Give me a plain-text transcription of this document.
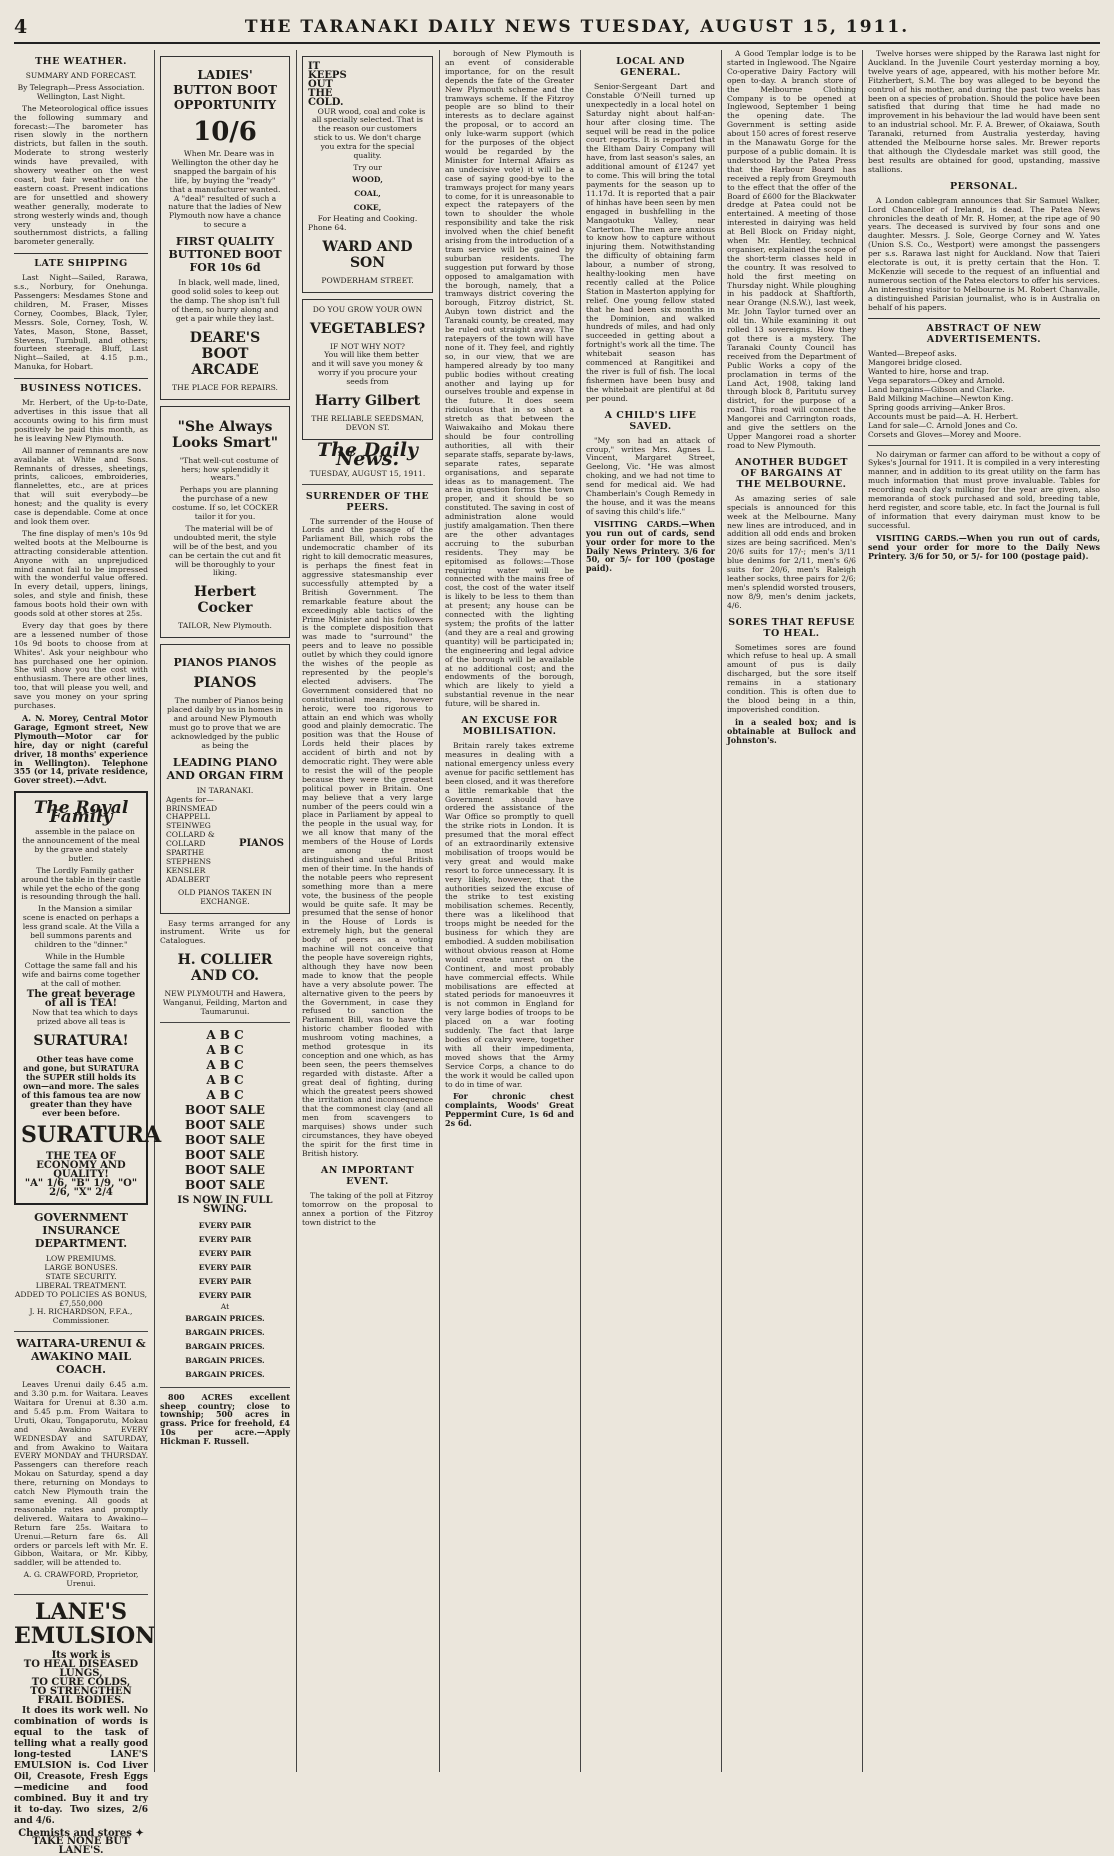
4	THE TARANAKI DAILY NEWS TUESDAY, AUGUST 15, 1911.
THE WEATHER.
SUMMARY AND FORECAST.
By Telegraph—Press Association. Wellington, Last Night.

The Meteorological office issues the following summary and forecast:—The barometer has risen slowly in the northern districts, but fallen in the south. Moderate to strong westerly winds have prevailed, with showery weather on the west coast, but fair weather on the eastern coast. Present indications are for unsettled and showery weather generally, moderate to strong westerly winds and, though very unsteady in the southernmost districts, a falling barometer generally.

LATE SHIPPING

Last Night—Sailed, Rarawa, s.s., Norbury, for Onehunga. Passengers: Mesdames Stone and children, M. Fraser, Misses Corney, Coombes, Black, Tyler, Messrs. Sole, Corney, Tosh, W. Yates, Mason, Stone, Basset, Stevens, Turnbull, and others; fourteen steerage. Bluff, Last Night—Sailed, at 4.15 p.m., Manuka, for Hobart.

BUSINESS NOTICES.

Mr. Herbert, of the Up-to-Date, advertises in this issue that all accounts owing to his firm must positively be paid this month, as he is leaving New Plymouth.

All manner of remnants are now available at White and Sons. Remnants of dresses, sheetings, prints, calicoes, embroideries, flannelettes, etc., are at prices that will suit everybody—be honest; and the quality is every case is dependable. Come at once and look them over.

The fine display of men's 10s 9d welted boots at the Melbourne is attracting considerable attention. Anyone with an unprejudiced mind cannot fail to be impressed with the wonderful value offered. In every detail, uppers, linings, soles, and style and finish, these famous boots hold their own with goods sold at other stores at 25s.

Every day that goes by there are a lessened number of those 10s 9d boots to choose from at Whites'. Ask your neighbour who has purchased one her opinion. She will show you the cost with enthusiasm. There are other lines, too, that will please you well, and save you money on your spring purchases.

A. N. Morey, Central Motor Garage, Egmont street, New Plymouth—Motor car for hire, day or night (careful driver, 18 months' experience in Wellington). Telephone 355 (or 14, private residence, Gover street).—Advt.

The Royal Family

assemble in the palace on the announcement of the meal by the grave and stately butler.

The Lordly Family gather around the table in their castle while yet the echo of the gong is resounding through the hall.

In the Mansion a similar scene is enacted on perhaps a less grand scale. At the Villa a bell summons parents and children to the "dinner."

While in the Humble Cottage the same fall and his wife and bairns come together at the call of mother.

The great beverage of all is TEA!

Now that tea which to days prized above all teas is

SURATURA!

Other teas have come and gone, but SURATURA the SUPER still holds its own—and more. The sales of this famous tea are now greater than they have ever been before.

SURATURA
THE TEA OF ECONOMY AND QUALITY!
"A" 1/6, "B" 1/9, "O" 2/6, "X" 2/4
GOVERNMENT INSURANCE DEPARTMENT.
LOW PREMIUMS.
LARGE BONUSES.
STATE SECURITY.
LIBERAL TREATMENT.
ADDED TO POLICIES AS BONUS, £7,550,000
J. H. RICHARDSON, F.F.A., Commissioner.
WAITARA-URENUI & AWAKINO MAIL COACH.

Leaves Urenui daily 6.45 a.m. and 3.30 p.m. for Waitara. Leaves Waitara for Urenui at 8.30 a.m. and 5.45 p.m. From Waitara to Uruti, Okau, Tongaporutu, Mokau and Awakino EVERY WEDNESDAY and SATURDAY, and from Awakino to Waitara EVERY MONDAY and THURSDAY. Passengers can therefore reach Mokau on Saturday, spend a day there, returning on Mondays to catch New Plymouth train the same evening. All goods at reasonable rates and promptly delivered. Waitara to Awakino—Return fare 25s. Waitara to Urenui.—Return fare 6s. All orders or parcels left with Mr. E. Gibbon, Waitara, or Mr. Kibby, saddler, will be attended to.

A. G. CRAWFORD, Proprietor, Urenui.
LANE'S EMULSION
Its work is
TO HEAL DISEASED LUNGS,
TO CURE COLDS,
TO STRENGTHEN FRAIL BODIES.

It does its work well. No combination of words is equal to the task of telling what a really good long-tested LANE'S EMULSION is. Cod Liver Oil, Creasote, Fresh Eggs—medicine and food combined. Buy it and try it to-day. Two sizes, 2/6 and 4/6.

Chemists and stores ✦ TAKE NONE BUT LANE'S.
LADIES' BUTTON BOOT OPPORTUNITY
10/6

When Mr. Deare was in Wellington the other day he snapped the bargain of his life, by buying the "ready" that a manufacturer wanted. A "deal" resulted of such a nature that the ladies of New Plymouth now have a chance to secure a

FIRST QUALITY BUTTONED BOOT FOR 10s 6d

In black, well made, lined, good solid soles to keep out the damp. The shop isn't full of them, so hurry along and get a pair while they last.

DEARE'S BOOT ARCADE
THE PLACE FOR REPAIRS.
"She Always Looks Smart"

"That well-cut costume of hers; how splendidly it wears."

Perhaps you are planning the purchase of a new costume. If so, let COCKER tailor it for you.

The material will be of undoubted merit, the style will be of the best, and you can be certain the cut and fit will be thoroughly to your liking.

Herbert Cocker
TAILOR, New Plymouth.
PIANOS PIANOS
PIANOS

The number of Pianos being placed daily by us in homes in and around New Plymouth must go to prove that we are acknowledged by the public as being the

LEADING PIANO AND ORGAN FIRM
IN TARANAKI.
Agents for—
BRINSMEAD
CHAPPELL
STEINWEG
COLLARD & COLLARD
SPARTHE
STEPHENS
KENSLER
ADALBERT
PIANOS
OLD PIANOS TAKEN IN EXCHANGE.

Easy terms arranged for any instrument. Write us for Catalogues.

H. COLLIER AND CO.
NEW PLYMOUTH and Hawera, Wanganui, Feilding, Marton and Taumarunui.
A B C
A B C
A B C
A B C
A B C
BOOT SALE
BOOT SALE
BOOT SALE
BOOT SALE
BOOT SALE
BOOT SALE
IS NOW IN FULL SWING.
EVERY PAIR
EVERY PAIR
EVERY PAIR
EVERY PAIR
EVERY PAIR
EVERY PAIR
At
BARGAIN PRICES.
BARGAIN PRICES.
BARGAIN PRICES.
BARGAIN PRICES.
BARGAIN PRICES.

800 ACRES excellent sheep country; close to township; 500 acres in grass. Price for freehold, £4 10s per acre.—Apply Hickman F. Russell.

IT KEEPS OUT THE COLD.

OUR wood, coal and coke is all specially selected. That is the reason our customers stick to us. We don't charge you extra for the special quality.

Try our
WOOD,
COAL,
COKE,
For Heating and Cooking.
Phone 64.
WARD AND SON
POWDERHAM STREET.
DO YOU GROW YOUR OWN
VEGETABLES?
IF NOT WHY NOT?

You will like them better and it will save you money & worry if you procure your seeds from

Harry Gilbert
THE RELIABLE SEEDSMAN, DEVON ST.
The Daily News.
TUESDAY, AUGUST 15, 1911.
SURRENDER OF THE PEERS.

The surrender of the House of Lords and the passage of the Parliament Bill, which robs the undemocratic chamber of its right to kill democratic measures, is perhaps the finest feat in aggressive statesmanship ever successfully attempted by a British Government. The remarkable feature about the exceedingly able tactics of the Prime Minister and his followers is the complete disposition that was made to "surround" the peers and to leave no possible outlet by which they could ignore the wishes of the people as represented by the people's elected advisers. The Government considered that no constitutional means, however heroic, were too rigorous to attain an end which was wholly good and plainly democratic. The position was that the House of Lords held their places by accident of birth and not by democratic right. They were able to resist the will of the people because they were the greatest political power in Britain. One may believe that a very large number of the peers could win a place in Parliament by appeal to the people in the usual way, for we all know that many of the members of the House of Lords are among the most distinguished and useful British men of their time. In the hands of the notable peers who represent something more than a mere vote, the business of the people would be quite safe. It may be presumed that the sense of honor in the House of Lords is extremely high, but the general body of peers as a voting machine will not conceive that the people have sovereign rights, although they have now been made to know that the people have a very absolute power. The alternative given to the peers by the Government, in case they refused to sanction the Parliament Bill, was to have the historic chamber flooded with mushroom voting machines, a method grotesque in its conception and one which, as has been seen, the peers themselves regarded with distaste. After a great deal of fighting, during which the greatest peers showed the irritation and inconsequence that the commonest clay (and all men from scavengers to marquises) shows under such circumstances, they have obeyed the spirit for the first time in British history.

AN IMPORTANT EVENT.

The taking of the poll at Fitzroy tomorrow on the proposal to annex a portion of the Fitzroy town district to the

borough of New Plymouth is an event of considerable importance, for on the result depends the fate of the Greater New Plymouth scheme and the tramways scheme. If the Fitzroy people are so blind to their interests as to declare against the proposal, or to accord an only luke-warm support (which for the purposes of the object would be regarded by the Minister for Internal Affairs as an undecisive vote) it will be a case of saying good-bye to the tramways project for many years to come, for it is unreasonable to expect the ratepayers of the town to shoulder the whole responsibility and take the risk involved when the chief benefit arising from the introduction of a tram service will be gained by suburban residents. The suggestion put forward by those opposed to amalgamation with the borough, namely, that a tramways district covering the borough, Fitzroy district, St. Aubyn town district and the Taranaki county, be created, may be ruled out straight away. The ratepayers of the town will have none of it. They feel, and rightly so, in our view, that we are hampered already by too many public bodies without creating another and laying up for ourselves trouble and expense in the future. It does seem ridiculous that in so short a stretch as that between the Waiwakaiho and Mokau there should be four controlling authorities, all with their separate staffs, separate by-laws, separate rates, separate organisations, and separate ideas as to management. The area in question forms the town proper, and it should be so constituted. The saving in cost of administration alone would justify amalgamation. Then there are the other advantages accruing to the suburban residents. They may be epitomised as follows:—Those requiring water will be connected with the mains free of cost, the cost of the water itself is likely to be less to them than at present; any house can be connected with the lighting system; the profits of the latter (and they are a real and growing quantity) will be participated in; the engineering and legal advice of the borough will be available at no additional cost; and the endowments of the borough, which are likely to yield a substantial revenue in the near future, will be shared in.

AN EXCUSE FOR MOBILISATION.

Britain rarely takes extreme measures in dealing with a national emergency unless every avenue for pacific settlement has been closed, and it was therefore a little remarkable that the Government should have ordered the assistance of the War Office so promptly to quell the strike riots in London. It is presumed that the moral effect of an extraordinarily extensive mobilisation of troops would be very great and would make resort to force unnecessary. It is very likely, however, that the authorities seized the excuse of the strike to test existing mobilisation schemes. Recently, there was a likelihood that troops might be needed for the business for which they are embodied. A sudden mobilisation without obvious reason at Home would create unrest on the Continent, and most probably have commercial effects. While mobilisations are effected at stated periods for manoeuvres it is not common in England for very large bodies of troops to be placed on a war footing suddenly. The fact that large bodies of cavalry were, together with all their impedimenta, moved shows that the Army Service Corps, a chance to do the work it would be called upon to do in time of war.

For chronic chest complaints, Woods' Great Peppermint Cure, 1s 6d and 2s 6d.

LOCAL AND GENERAL.

Senior-Sergeant Dart and Constable O'Neill turned up unexpectedly in a local hotel on Saturday night about half-an-hour after closing time. The sequel will be read in the police court reports. It is reported that the Eltham Dairy Company will have, from last season's sales, an additional amount of £1247 yet to come. This will bring the total payments for the season up to 11.17d. It is reported that a pair of hinhas have been seen by men engaged in bushfelling in the Mangaotuku Valley, near Carterton. The men are anxious to know how to capture without injuring them. Notwithstanding the difficulty of obtaining farm labour, a number of strong, healthy-looking men have recently called at the Police Station in Masterton applying for relief. One young fellow stated that he had been six months in the Dominion, and walked hundreds of miles, and had only succeeded in getting about a fortnight's work all the time. The whitebait season has commenced at Rangitikei and the river is full of fish. The local fishermen have been busy and the whitebait are plentiful at 8d per pound.

A CHILD'S LIFE SAVED.

"My son had an attack of croup," writes Mrs. Agnes L. Vincent, Margaret Street, Geelong, Vic. "He was almost choking, and we had not time to send for medical aid. We had Chamberlain's Cough Remedy in the house, and it was the means of saving this child's life."

VISITING CARDS.—When you run out of cards, send your order for more to the Daily News Printery. 3/6 for 50, or 5/- for 100 (postage paid).

A Good Templar lodge is to be started in Inglewood. The Ngaire Co-operative Dairy Factory will open to-day. A branch store of the Melbourne Clothing Company is to be opened at Inglewood, September 1 being the opening date. The Government is setting aside about 150 acres of forest reserve in the Manawatu Gorge for the purpose of a public domain. It is understood by the Patea Press that the Harbour Board has received a reply from Greymouth to the effect that the offer of the Board of £600 for the Blackwater dredge at Patea could not be entertained. A meeting of those interested in dairying was held at Bell Block on Friday night, when Mr. Hentley, technical organiser, explained the scope of the short-term classes held in the country. It was resolved to hold the first meeting on Thursday night. While ploughing in his paddock at Shaftforth, near Orange (N.S.W.), last week, Mr. John Taylor turned over an old tin. While examining it out rolled 13 sovereigns. How they got there is a mystery. The Taranaki County Council has received from the Department of Public Works a copy of the proclamation in terms of the Land Act, 1908, taking land through block 8, Paritutu survey district, for the purpose of a road. This road will connect the Mangorei and Carrington roads, and give the settlers on the Upper Mangorei road a shorter road to New Plymouth.

ANOTHER BUDGET OF BARGAINS AT THE MELBOURNE.

As amazing series of sale specials is announced for this week at the Melbourne. Many new lines are introduced, and in addition all odd ends and broken sizes are being sacrificed. Men's 20/6 suits for 17/-; men's 3/11 blue denims for 2/11, men's 6/6 suits for 20/6, men's Raleigh leather socks, three pairs for 2/6; men's splendid worsted trousers, now 8/9, men's denim jackets, 4/6.

SORES THAT REFUSE TO HEAL.

Sometimes sores are found which refuse to heal up. A small amount of pus is daily discharged, but the sore itself remains in a stationary condition. This is often due to the blood being in a thin, impoverished condition.

in a sealed box; and is obtainable at Bullock and Johnston's.

Twelve horses were shipped by the Rarawa last night for Auckland. In the Juvenile Court yesterday morning a boy, twelve years of age, appeared, with his mother before Mr. Fitzherbert, S.M. The boy was alleged to be beyond the control of his mother, and during the past two weeks has been on a species of probation. Should the police have been satisfied that during that time he had made no improvement in his behaviour the lad would have been sent to an industrial school. Mr. F. A. Brewer, of Okaiawa, South Taranaki, returned from Australia yesterday, having attended the Melbourne horse sales. Mr. Brewer reports that although the Clydesdale market was still good, the best results are obtained for good, upstanding, massive stallions.

PERSONAL.

A London cablegram announces that Sir Samuel Walker, Lord Chancellor of Ireland, is dead. The Patea News chronicles the death of Mr. R. Homer, at the ripe age of 90 years. The deceased is survived by four sons and one daughter. Messrs. J. Sole, George Corney and W. Yates (Union S.S. Co., Westport) were amongst the passengers per s.s. Rarawa last night for Auckland. Now that Taieri electorate is out, it is pretty certain that the Hon. T. McKenzie will secede to the request of an influential and numerous section of the Patea electors to offer his services. An interesting visitor to Melbourne is M. Robert Chanvalle, a distinguished Parisian journalist, who is in Australia on behalf of his papers.

ABSTRACT OF NEW ADVERTISEMENTS.
Wanted—Brepeof asks.
Mangorei bridge closed.
Wanted to hire, horse and trap.
Vega separators—Okey and Arnold.
Land bargains—Gibson and Clarke.
Bald Milking Machine—Newton King.
Spring goods arriving—Anker Bros.
Accounts must be paid—A. H. Herbert.
Land for sale—C. Arnold Jones and Co.
Corsets and Gloves—Morey and Moore.

No dairyman or farmer can afford to be without a copy of Sykes's Journal for 1911. It is compiled in a very interesting manner, and in addition to its great utility on the farm has much information that must prove invaluable. Tables for recording each day's milking for the year are given, also memoranda of stock purchased and sold, breeding table, herd register, and score table, etc. In fact the Journal is full of information that every dairyman must know to be successful.

VISITING CARDS.—When you run out of cards, send your order for more to the Daily News Printery. 3/6 for 50, or 5/- for 100 (postage paid).
